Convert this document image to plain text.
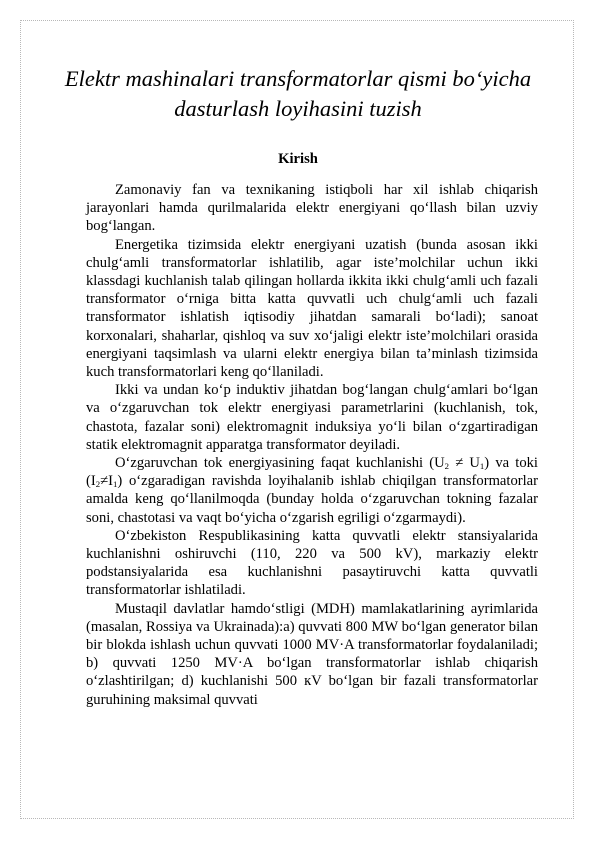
Elektr mashinalari transformatorlar qismi bo‘yicha dasturlash loyihasini tuzish
Kirish

Zamonaviy fan va texnikaning istiqboli har xil ishlab chiqarish jarayonlari hamda qurilmalarida elektr energiyani qo‘llash bilan uzviy bog‘langan.

Energetika tizimsida elektr energiyani uzatish (bunda asosan ikki chulg‘amli transformatorlar ishlatilib, agar iste’molchilar uchun ikki klassdagi kuchlanish talab qilingan hollarda ikkita ikki chulg‘amli uch fazali transformator o‘rniga bitta katta quvvatli uch chulg‘amli uch fazali transformator ishlatish iqtisodiy jihatdan samarali bo‘ladi); sanoat korxonalari, shaharlar, qishloq va suv xo‘jaligi elektr iste’molchilari orasida energiyani taqsimlash va ularni elektr energiya bilan ta’minlash tizimsida kuch transformatorlari keng qo‘llaniladi.

Ikki va undan ko‘p induktiv jihatdan bog‘langan chulg‘amlari bo‘lgan va o‘zgaruvchan tok elektr energiyasi parametrlarini (kuchlanish, tok, chastota, fazalar soni) elektromagnit induksiya yo‘li bilan o‘zgartiradigan statik elektromagnit apparatga transformator deyiladi.

O‘zgaruvchan tok energiyasining faqat kuchlanishi $(U_2 \ne U_1)$ va toki $(I_2\ne I_1)$ o‘zgaradigan ravishda loyihalanib ishlab chiqilgan transformatorlar amalda keng qo‘llanilmoqda (bunday holda o‘zgaruvchan tokning fazalar soni, chastotasi va vaqt bo‘yicha o‘zgarish egriligi o‘zgarmaydi).

O‘zbekiston Respublikasining katta quvvatli elektr stansiyalarida kuchlanishni oshiruvchi (110, 220 va 500 kV), markaziy elektr podstansiyalarida esa kuchlanishni pasaytiruvchi katta quvvatli transformatorlar ishlatiladi.

Mustaqil davlatlar hamdo‘stligi (MDH) mamlakatlarining ayrimlarida (masalan, Rossiya va Ukrainada):a) quvvati 800 MW bo‘lgan generator bilan bir blokda ishlash uchun quvvati 1000 MV·A transformatorlar foydalaniladi; b) quvvati 1250 MV·A bo‘lgan transformatorlar ishlab chiqarish o‘zlashtirilgan; d) kuchlanishi 500 кV bo‘lgan bir fazali transformatorlar guruhining maksimal quvvati
